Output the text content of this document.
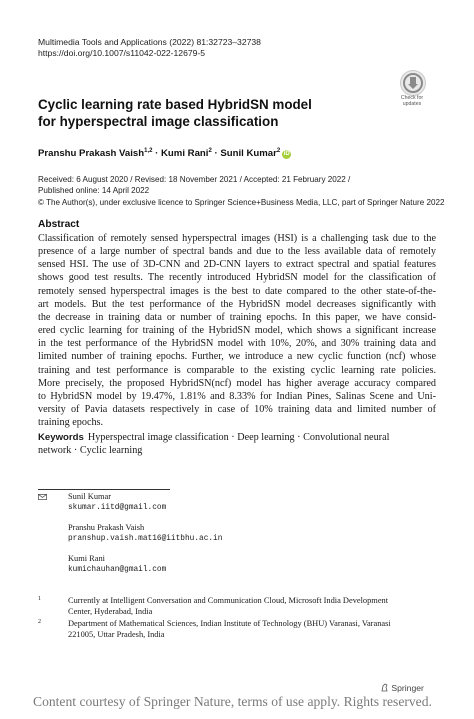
Multimedia Tools and Applications (2022) 81:32723–32738
https://doi.org/10.1007/s11042-022-12679-5
Check for
updates
Cyclic learning rate based HybridSN model
for hyperspectral image classification
Pranshu Prakash Vaish$^{1,2}$ · Kumi Rani$^2$ · Sunil Kumar$^2$iD
Received: 6 August 2020 / Revised: 18 November 2021 / Accepted: 21 February 2022 /
Published online: 14 April 2022
© The Author(s), under exclusive licence to Springer Science+Business Media, LLC, part of Springer Nature 2022
Abstract
Classification of remotely sensed hyperspectral images (HSI) is a challenging task due to the
presence of a large number of spectral bands and due to the less available data of remotely
sensed HSI. The use of 3D-CNN and 2D-CNN layers to extract spectral and spatial features
shows good test results. The recently introduced HybridSN model for the classification of
remotely sensed hyperspectral images is the best to date compared to the other state-of-the-
art models. But the test performance of the HybridSN model decreases significantly with
the decrease in training data or number of training epochs. In this paper, we have consid-
ered cyclic learning for training of the HybridSN model, which shows a significant increase
in the test performance of the HybridSN model with 10%, 20%, and 30% training data and
limited number of training epochs. Further, we introduce a new cyclic function (ncf) whose
training and test performance is comparable to the existing cyclic learning rate policies.
More precisely, the proposed HybridSN(ncf) model has higher average accuracy compared
to HybridSN model by 19.47%, 1.81% and 8.33% for Indian Pines, Salinas Scene and Uni-
versity of Pavia datasets respectively in case of 10% training data and limited number of
training epochs.
Keywords Hyperspectral image classification · Deep learning · Convolutional neural
network · Cyclic learning
Sunil Kumar
skumar.iitd@gmail.com
Pranshu Prakash Vaish
pranshup.vaish.mat16@iitbhu.ac.in
Kumi Rani
kumichauhan@gmail.com
1	Currently at Intelligent Conversation and Communication Cloud, Microsoft India Development
Center, Hyderabad, India
2	Department of Mathematical Sciences, Indian Institute of Technology (BHU) Varanasi, Varanasi
221005, Uttar Pradesh, India
Springer
Content courtesy of Springer Nature, terms of use apply. Rights reserved.
